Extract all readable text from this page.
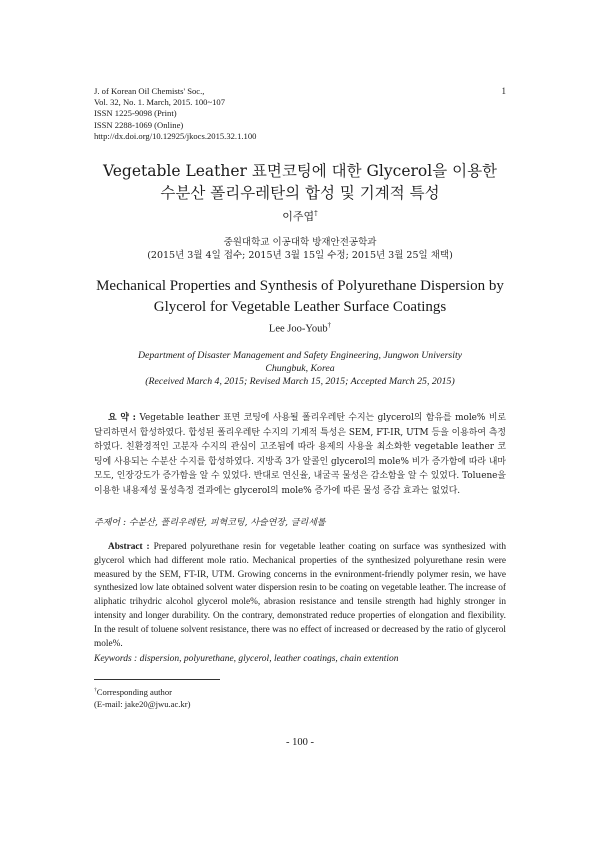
J. of Korean Oil Chemists' Soc.,
Vol. 32, No. 1. March, 2015. 100~107
ISSN 1225-9098 (Print)
ISSN 2288-1069 (Online)
http://dx.doi.org/10.12925/jkocs.2015.32.1.100
1
Vegetable Leather 표면코팅에 대한 Glycerol을 이용한
수분산 폴리우레탄의 합성 및 기계적 특성
이주엽†
중원대학교 이공대학 방재안전공학과
(2015년 3월 4일 접수; 2015년 3월 15일 수정; 2015년 3월 25일 채택)
Mechanical Properties and Synthesis of Polyurethane Dispersion by
Glycerol for Vegetable Leather Surface Coatings
Lee Joo-Youb†
Department of Disaster Management and Safety Engineering, Jungwon University
Chungbuk, Korea
(Received March 4, 2015; Revised March 15, 2015; Accepted March 25, 2015)
요 약 : Vegetable leather 표면 코팅에 사용될 폴리우레탄 수지는 glycerol의 함유를 mole% 비로 달리하면서 합성하였다. 합성된 폴리우레탄 수지의 기계적 특성은 SEM, FT-IR, UTM 등을 이용하여 측정하였다. 친환경적인 고분자 수지의 관심이 고조됨에 따라 용제의 사용을 최소화한 vegetable leather 코팅에 사용되는 수분산 수지를 합성하였다. 지방족 3가 알콜인 glycerol의 mole% 비가 증가함에 따라 내마모도, 인장강도가 증가함을 알 수 있었다. 반대로 연신율, 내굴곡 물성은 감소함을 알 수 있었다. Toluene을 이용한 내용제성 물성측정 결과에는 glycerol의 mole% 증가에 따른 물성 증감 효과는 없었다.
주제어 : 수분산, 폴리우레탄, 피혁코팅, 사슬연장, 글리세롤
Abstract : Prepared polyurethane resin for vegetable leather coating on surface was synthesized with glycerol which had different mole ratio. Mechanical properties of the synthesized polyurethane resin were measured by the SEM, FT-IR, UTM. Growing concerns in the evnironment-friendly polymer resin, we have synthesized low late obtained solvent water dispersion resin to be coating on vegetable leather. The increase of aliphatic trihydric alcohol glycerol mole%, abrasion resistance and tensile strength had highly stronger in intensity and longer durability. On the contrary, demonstrated reduce properties of elongation and flexibility. In the result of toluene solvent resistance, there was no effect of increased or decreased by the ratio of glycerol mole%.
Keywords : dispersion, polyurethane, glycerol, leather coatings, chain extention
†Corresponding author
(E-mail: jake20@jwu.ac.kr)
- 100 -
